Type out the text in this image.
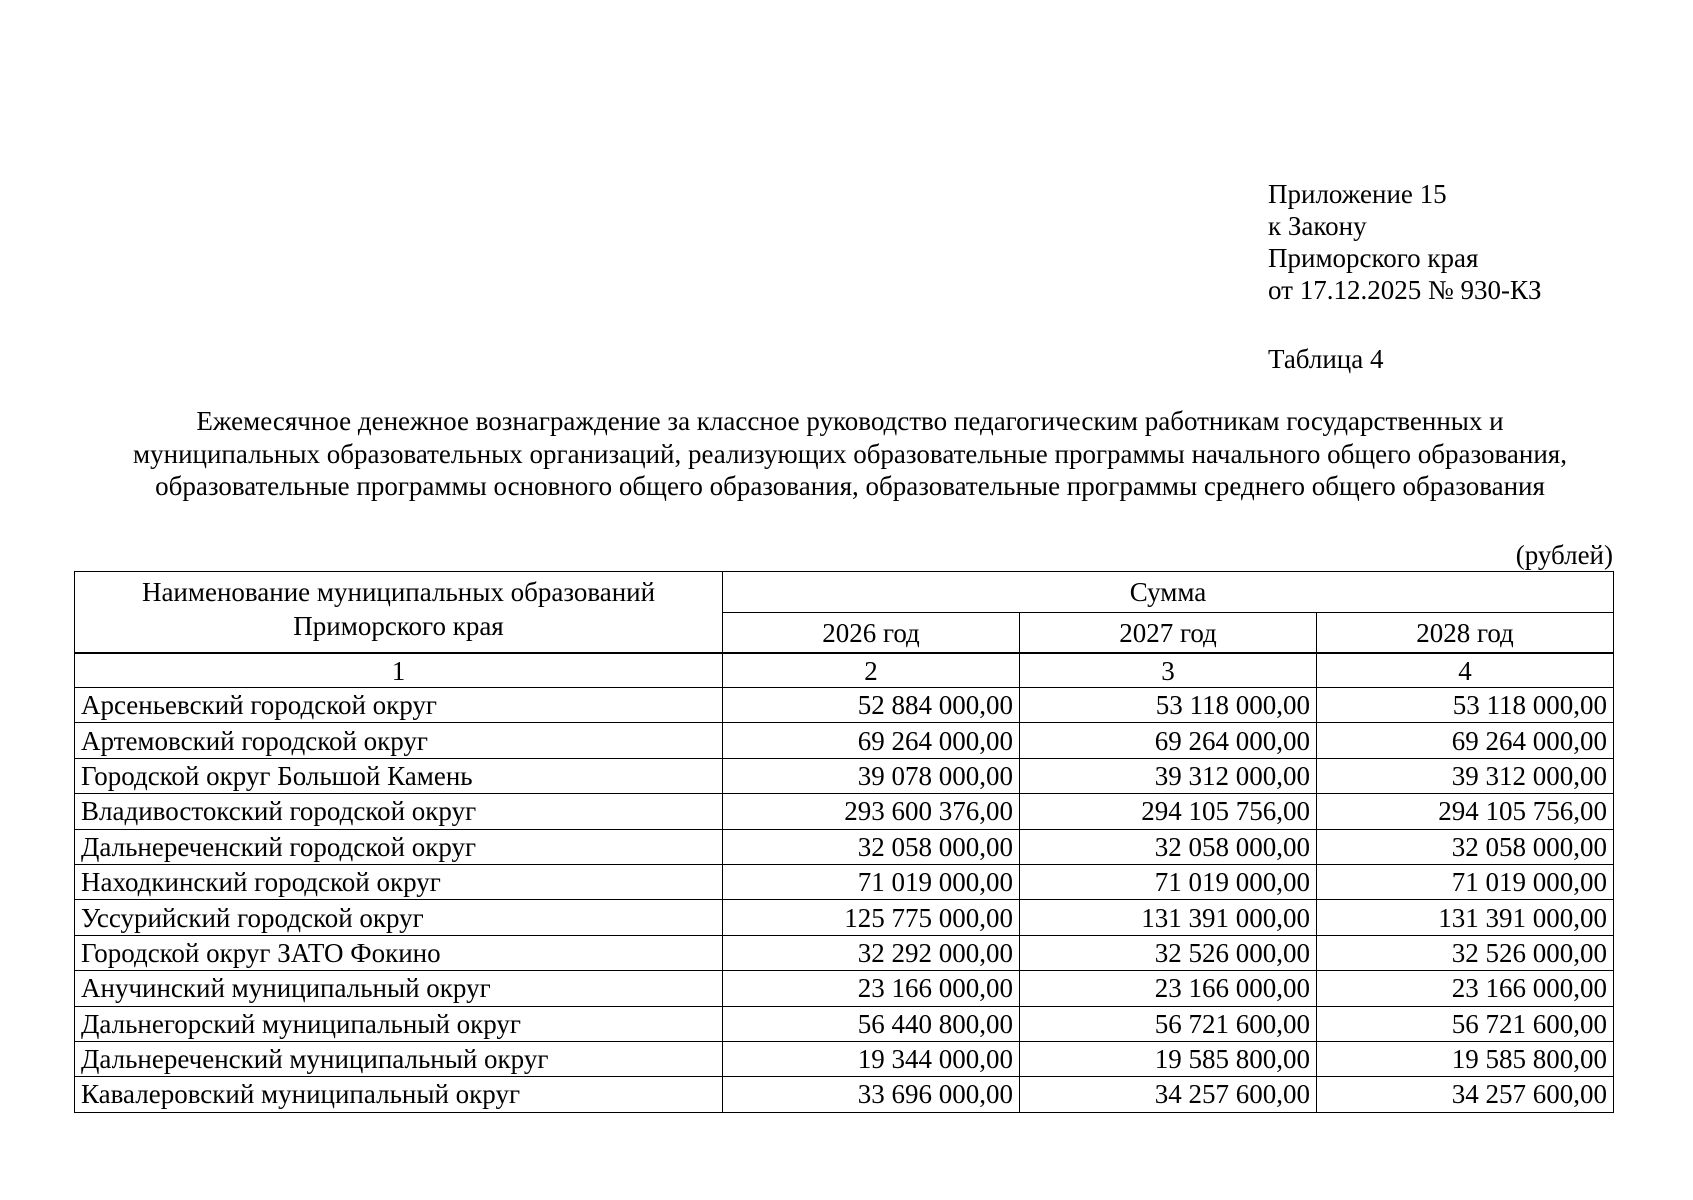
Приложение 15
к Закону
Приморского края
от 17.12.2025 № 930-КЗ
Таблица 4
Ежемесячное денежное вознаграждение за классное руководство педагогическим работникам государственных и
муниципальных образовательных организаций, реализующих образовательные программы начального общего образования,
образовательные программы основного общего образования, образовательные программы среднего общего образования
(рублей)
Наименование муниципальных образований
Приморского края	Сумма		
	2026 год	2027 год	2028 год
1	2	3	4
Арсеньевский городской округ	52 884 000,00	53 118 000,00	53 118 000,00
Артемовский городской округ	69 264 000,00	69 264 000,00	69 264 000,00
Городской округ Большой Камень	39 078 000,00	39 312 000,00	39 312 000,00
Владивостокский городской округ	293 600 376,00	294 105 756,00	294 105 756,00
Дальнереченский городской округ	32 058 000,00	32 058 000,00	32 058 000,00
Находкинский городской округ	71 019 000,00	71 019 000,00	71 019 000,00
Уссурийский городской округ	125 775 000,00	131 391 000,00	131 391 000,00
Городской округ ЗАТО Фокино	32 292 000,00	32 526 000,00	32 526 000,00
Анучинский муниципальный округ	23 166 000,00	23 166 000,00	23 166 000,00
Дальнегорский муниципальный округ	56 440 800,00	56 721 600,00	56 721 600,00
Дальнереченский муниципальный округ	19 344 000,00	19 585 800,00	19 585 800,00
Кавалеровский муниципальный округ	33 696 000,00	34 257 600,00	34 257 600,00
